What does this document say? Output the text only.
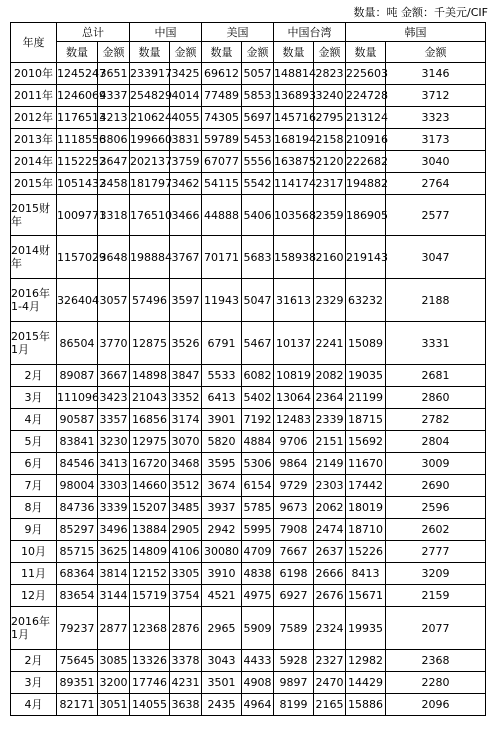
数量：吨 金额：千美元/CIF
年度	总计		中国		美国		中国台湾		韩国	
	数量	金额	数量	金额	数量	金额	数量	金额	数量	金额
2010年	1245247	3651	233917	3425	69612	5057	148814	2823	225603	3146
2011年	1246069	4337	254829	4014	77489	5853	136893	3240	224728	3712
2012年	1176513	4213	210624	4055	74305	5697	145716	2795	213124	3323
2013年	1118556	3806	199660	3831	59789	5453	168194	2158	210916	3173
2014年	1152252	3647	202137	3759	67077	5556	163875	2120	222682	3040
2015年	1051432	3458	181797	3462	54115	5542	114174	2317	194882	2764
2015财年	1009771	3318	176510	3466	44888	5406	103568	2359	186905	2577
2014财年	1157029	3648	198884	3767	70171	5683	158938	2160	219143	3047
2016年1-4月	326404	3057	57496	3597	11943	5047	31613	2329	63232	2188
2015年1月	86504	3770	12875	3526	6791	5467	10137	2241	15089	3331
2月	89087	3667	14898	3847	5533	6082	10819	2082	19035	2681
3月	111096	3423	21043	3352	6413	5402	13064	2364	21199	2860
4月	90587	3357	16856	3174	3901	7192	12483	2339	18715	2782
5月	83841	3230	12975	3070	5820	4884	9706	2151	15692	2804
6月	84546	3413	16720	3468	3595	5306	9864	2149	11670	3009
7月	98004	3303	14660	3512	3674	6154	9729	2303	17442	2690
8月	84736	3339	15207	3485	3937	5785	9673	2062	18019	2596
9月	85297	3496	13884	2905	2942	5995	7908	2474	18710	2602
10月	85715	3625	14809	4106	30080	4709	7667	2637	15226	2777
11月	68364	3814	12152	3305	3910	4838	6198	2666	8413	3209
12月	83654	3144	15719	3754	4521	4975	6927	2676	15671	2159
2016年1月	79237	2877	12368	2876	2965	5909	7589	2324	19935	2077
2月	75645	3085	13326	3378	3043	4433	5928	2327	12982	2368
3月	89351	3200	17746	4231	3501	4908	9897	2470	14429	2280
4月	82171	3051	14055	3638	2435	4964	8199	2165	15886	2096
